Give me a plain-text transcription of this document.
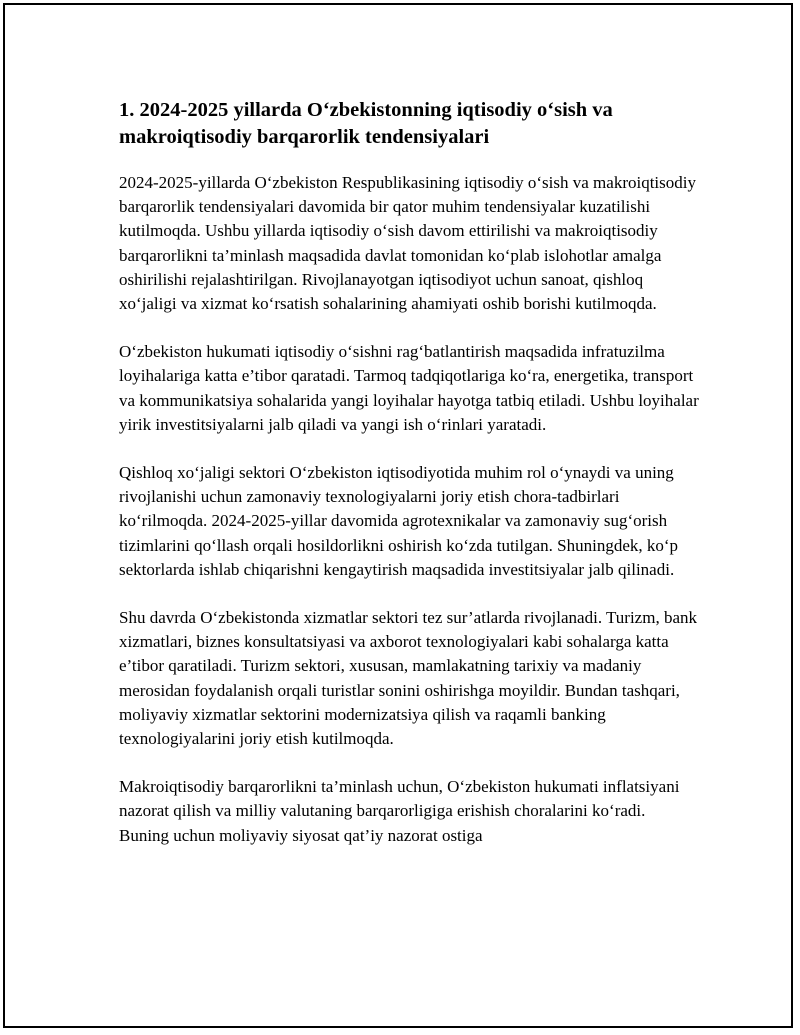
1. 2024-2025 yillarda O‘zbekistonning iqtisodiy o‘sish va makroiqtisodiy barqarorlik tendensiyalari

2024-2025-yillarda O‘zbekiston Respublikasining iqtisodiy o‘sish va makroiqtisodiy barqarorlik tendensiyalari davomida bir qator muhim tendensiyalar kuzatilishi kutilmoqda. Ushbu yillarda iqtisodiy o‘sish davom ettirilishi va makroiqtisodiy barqarorlikni ta’minlash maqsadida davlat tomonidan ko‘plab islohotlar amalga oshirilishi rejalashtirilgan. Rivojlanayotgan iqtisodiyot uchun sanoat, qishloq xo‘jaligi va xizmat ko‘rsatish sohalarining ahamiyati oshib borishi kutilmoqda.

O‘zbekiston hukumati iqtisodiy o‘sishni rag‘batlantirish maqsadida infratuzilma loyihalariga katta e’tibor qaratadi. Tarmoq tadqiqotlariga ko‘ra, energetika, transport va kommunikatsiya sohalarida yangi loyihalar hayotga tatbiq etiladi. Ushbu loyihalar yirik investitsiyalarni jalb qiladi va yangi ish o‘rinlari yaratadi.

Qishloq xo‘jaligi sektori O‘zbekiston iqtisodiyotida muhim rol o‘ynaydi va uning rivojlanishi uchun zamonaviy texnologiyalarni joriy etish chora-tadbirlari ko‘rilmoqda. 2024-2025-yillar davomida agrotexnikalar va zamonaviy sug‘orish tizimlarini qo‘llash orqali hosildorlikni oshirish ko‘zda tutilgan. Shuningdek, ko‘p sektorlarda ishlab chiqarishni kengaytirish maqsadida investitsiyalar jalb qilinadi.

Shu davrda O‘zbekistonda xizmatlar sektori tez sur’atlarda rivojlanadi. Turizm, bank xizmatlari, biznes konsultatsiyasi va axborot texnologiyalari kabi sohalarga katta e’tibor qaratiladi. Turizm sektori, xususan, mamlakatning tarixiy va madaniy merosidan foydalanish orqali turistlar sonini oshirishga moyildir. Bundan tashqari, moliyaviy xizmatlar sektorini modernizatsiya qilish va raqamli banking texnologiyalarini joriy etish kutilmoqda.

Makroiqtisodiy barqarorlikni ta’minlash uchun, O‘zbekiston hukumati inflatsiyani nazorat qilish va milliy valutaning barqarorligiga erishish choralarini ko‘radi. Buning uchun moliyaviy siyosat qat’iy nazorat ostiga
